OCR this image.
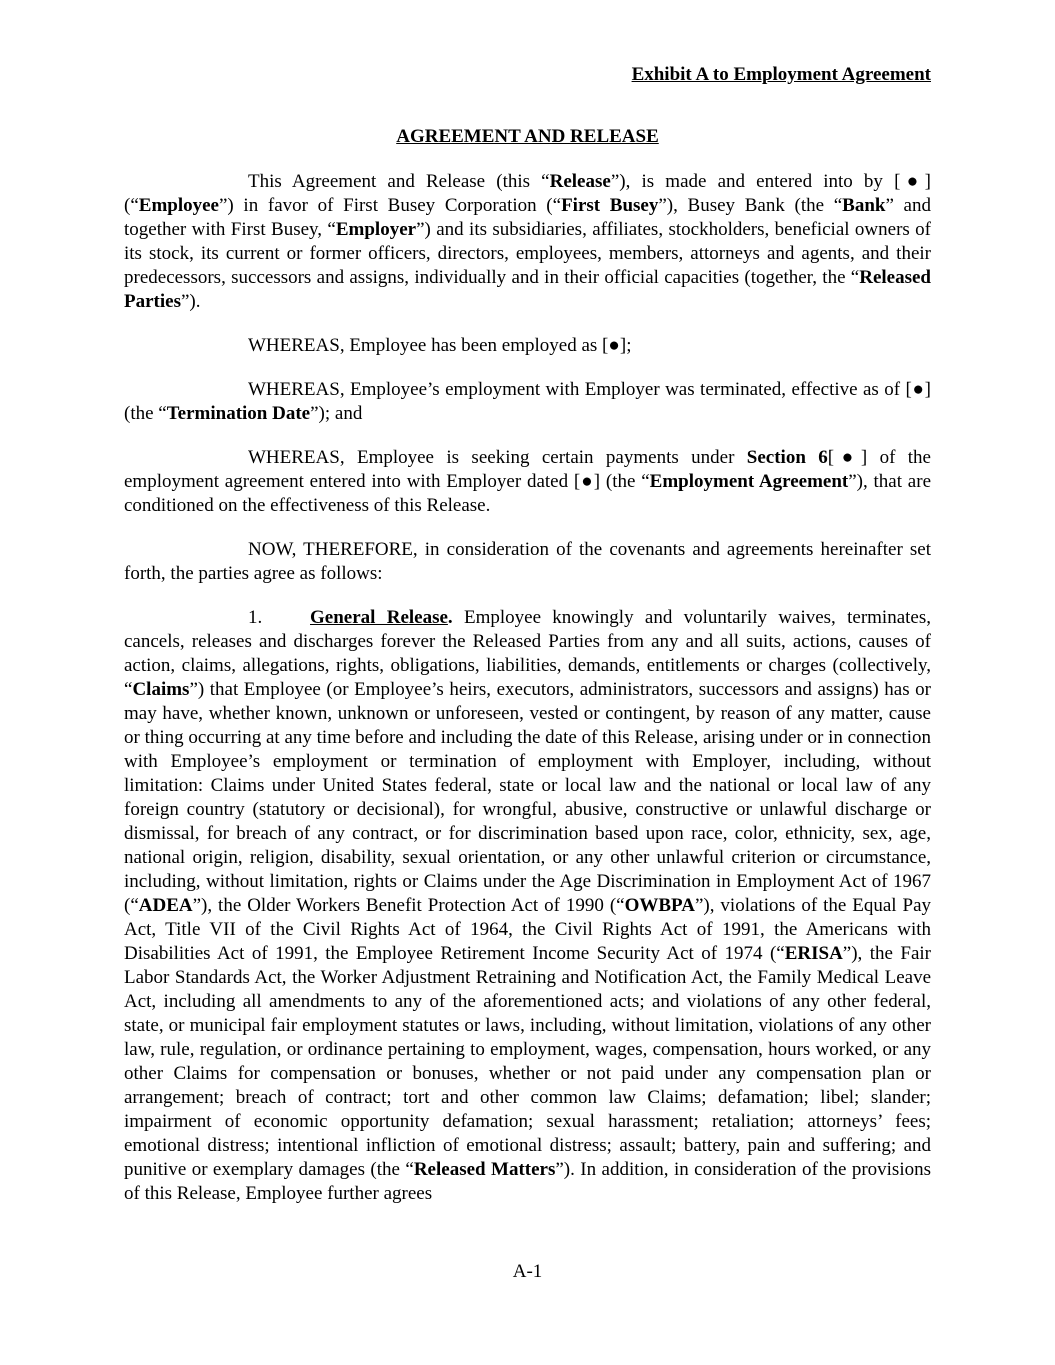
Exhibit A to Employment Agreement
AGREEMENT AND RELEASE

This Agreement and Release (this “Release”), is made and entered into by [●] (“Employee”) in favor of First Busey Corporation (“First Busey”), Busey Bank (the “Bank” and together with First Busey, “Employer”) and its subsidiaries, affiliates, stockholders, beneficial owners of its stock, its current or former officers, directors, employees, members, attorneys and agents, and their predecessors, successors and assigns, individually and in their official capacities (together, the “Released Parties”).

WHEREAS, Employee has been employed as [●];

WHEREAS, Employee’s employment with Employer was terminated, effective as of [●] (the “Termination Date”); and

WHEREAS, Employee is seeking certain payments under Section 6[●] of the employment agreement entered into with Employer dated [●] (the “Employment Agreement”), that are conditioned on the effectiveness of this Release.

NOW, THEREFORE, in consideration of the covenants and agreements hereinafter set forth, the parties agree as follows:

1.	General Release. Employee knowingly and voluntarily waives, terminates, cancels, releases and discharges forever the Released Parties from any and all suits, actions, causes of action, claims, allegations, rights, obligations, liabilities, demands, entitlements or charges (collectively, “Claims”) that Employee (or Employee’s heirs, executors, administrators, successors and assigns) has or may have, whether known, unknown or unforeseen, vested or contingent, by reason of any matter, cause or thing occurring at any time before and including the date of this Release, arising under or in connection with Employee’s employment or termination of employment with Employer, including, without limitation: Claims under United States federal, state or local law and the national or local law of any foreign country (statutory or decisional), for wrongful, abusive, constructive or unlawful discharge or dismissal, for breach of any contract, or for discrimination based upon race, color, ethnicity, sex, age, national origin, religion, disability, sexual orientation, or any other unlawful criterion or circumstance, including, without limitation, rights or Claims under the Age Discrimination in Employment Act of 1967 (“ADEA”), the Older Workers Benefit Protection Act of 1990 (“OWBPA”), violations of the Equal Pay Act, Title VII of the Civil Rights Act of 1964, the Civil Rights Act of 1991, the Americans with Disabilities Act of 1991, the Employee Retirement Income Security Act of 1974 (“ERISA”), the Fair Labor Standards Act, the Worker Adjustment Retraining and Notification Act, the Family Medical Leave Act, including all amendments to any of the aforementioned acts; and violations of any other federal, state, or municipal fair employment statutes or laws, including, without limitation, violations of any other law, rule, regulation, or ordinance pertaining to employment, wages, compensation, hours worked, or any other Claims for compensation or bonuses, whether or not paid under any compensation plan or arrangement; breach of contract; tort and other common law Claims; defamation; libel; slander; impairment of economic opportunity defamation; sexual harassment; retaliation; attorneys’ fees; emotional distress; intentional infliction of emotional distress; assault; battery, pain and suffering; and punitive or exemplary damages (the “Released Matters”). In addition, in consideration of the provisions of this Release, Employee further agrees

A-1
